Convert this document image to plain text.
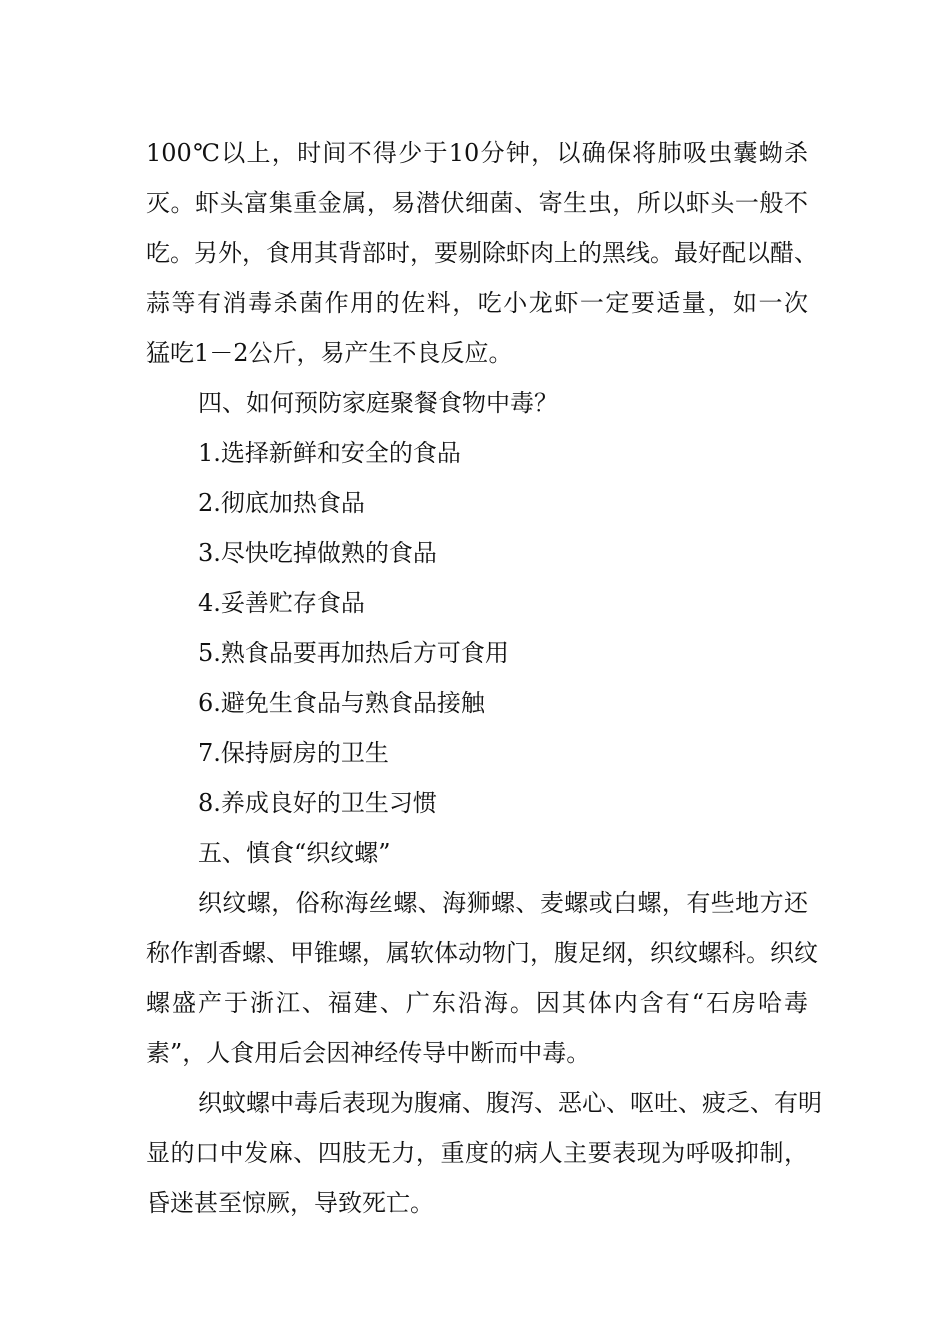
100℃以上，时间不得少于10分钟，以确保将肺吸虫囊蚴杀
灭。虾头富集重金属，易潜伏细菌、寄生虫，所以虾头一般不
吃。另外，食用其背部时，要剔除虾肉上的黑线。最好配以醋、
蒜等有消毒杀菌作用的佐料，吃小龙虾一定要适量，如一次
猛吃1－2公斤，易产生不良反应。
四、如何预防家庭聚餐食物中毒？
1.选择新鲜和安全的食品
2.彻底加热食品
3.尽快吃掉做熟的食品
4.妥善贮存食品
5.熟食品要再加热后方可食用
6.避免生食品与熟食品接触
7.保持厨房的卫生
8.养成良好的卫生习惯
五、慎食“织纹螺”
织纹螺，俗称海丝螺、海狮螺、麦螺或白螺，有些地方还
称作割香螺、甲锥螺，属软体动物门，腹足纲，织纹螺科。织纹
螺盛产于浙江、福建、广东沿海。因其体内含有“石房哈毒
素”，人食用后会因神经传导中断而中毒。
织蚊螺中毒后表现为腹痛、腹泻、恶心、呕吐、疲乏、有明
显的口中发麻、四肢无力，重度的病人主要表现为呼吸抑制，
昏迷甚至惊厥，导致死亡。
